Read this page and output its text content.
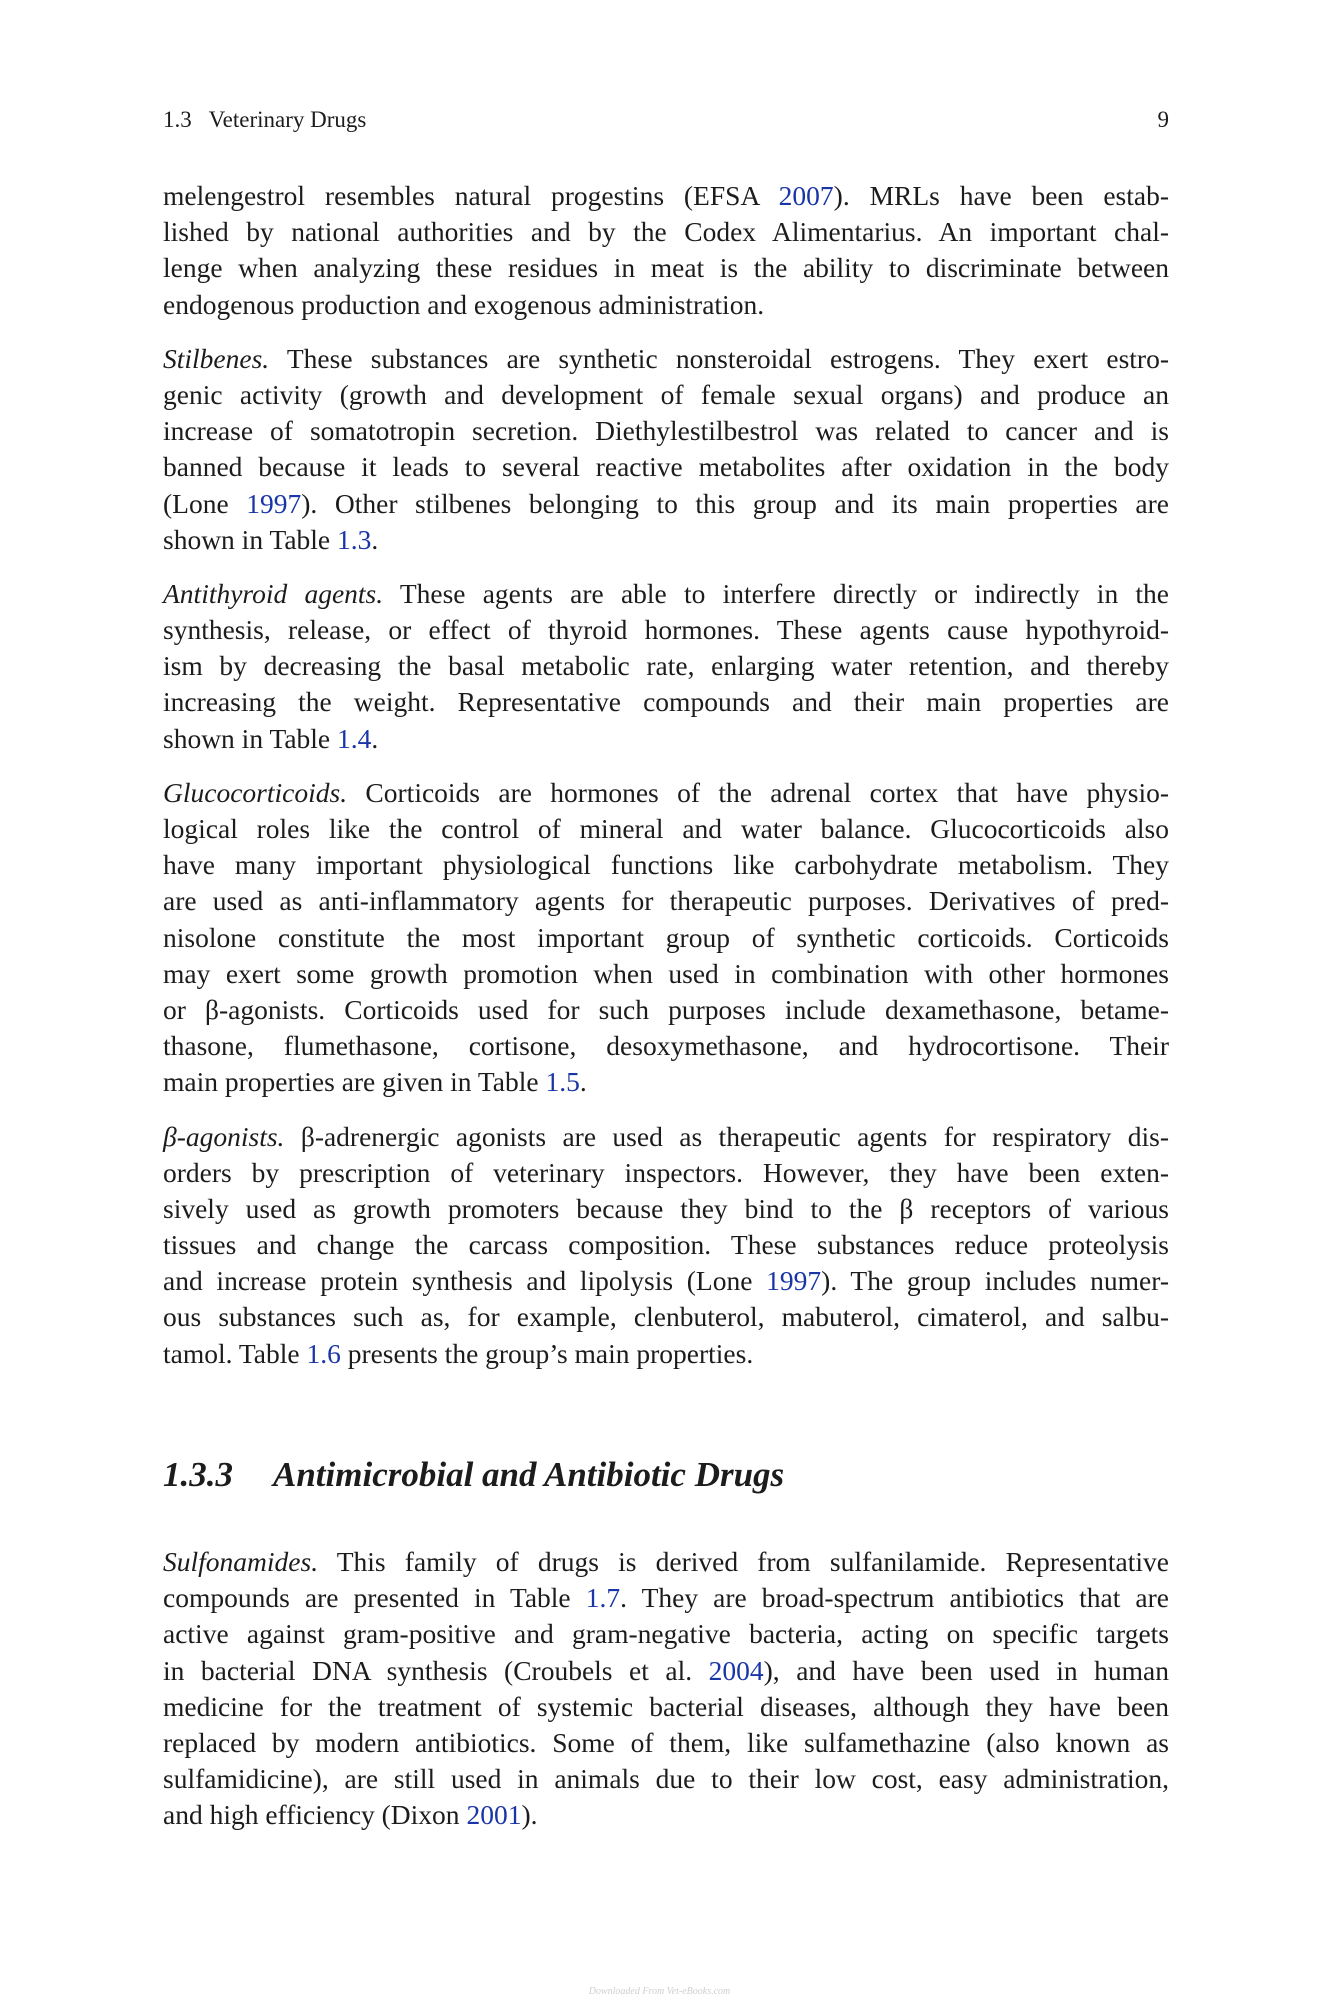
1.3   Veterinary Drugs	9
melengestrol resembles natural progestins (EFSA 2007). MRLs have been estab-
lished by national authorities and by the Codex Alimentarius. An important chal-
lenge when analyzing these residues in meat is the ability to discriminate between
endogenous production and exogenous administration.
Stilbenes. These substances are synthetic nonsteroidal estrogens. They exert estro-
genic activity (growth and development of female sexual organs) and produce an
increase of somatotropin secretion. Diethylestilbestrol was related to cancer and is
banned because it leads to several reactive metabolites after oxidation in the body
(Lone 1997). Other stilbenes belonging to this group and its main properties are
shown in Table 1.3.
Antithyroid agents. These agents are able to interfere directly or indirectly in the
synthesis, release, or effect of thyroid hormones. These agents cause hypothyroid-
ism by decreasing the basal metabolic rate, enlarging water retention, and thereby
increasing the weight. Representative compounds and their main properties are
shown in Table 1.4.
Glucocorticoids. Corticoids are hormones of the adrenal cortex that have physio-
logical roles like the control of mineral and water balance. Glucocorticoids also
have many important physiological functions like carbohydrate metabolism. They
are used as anti-inflammatory agents for therapeutic purposes. Derivatives of pred-
nisolone constitute the most important group of synthetic corticoids. Corticoids
may exert some growth promotion when used in combination with other hormones
or β-agonists. Corticoids used for such purposes include dexamethasone, betame-
thasone, flumethasone, cortisone, desoxymethasone, and hydrocortisone. Their
main properties are given in Table 1.5.
β-agonists. β-adrenergic agonists are used as therapeutic agents for respiratory dis-
orders by prescription of veterinary inspectors. However, they have been exten-
sively used as growth promoters because they bind to the β receptors of various
tissues and change the carcass composition. These substances reduce proteolysis
and increase protein synthesis and lipolysis (Lone 1997). The group includes numer-
ous substances such as, for example, clenbuterol, mabuterol, cimaterol, and salbu-
tamol. Table 1.6 presents the group’s main properties.
1.3.3 Antimicrobial and Antibiotic Drugs
Sulfonamides. This family of drugs is derived from sulfanilamide. Representative
compounds are presented in Table 1.7. They are broad-spectrum antibiotics that are
active against gram-positive and gram-negative bacteria, acting on specific targets
in bacterial DNA synthesis (Croubels et al. 2004), and have been used in human
medicine for the treatment of systemic bacterial diseases, although they have been
replaced by modern antibiotics. Some of them, like sulfamethazine (also known as
sulfamidicine), are still used in animals due to their low cost, easy administration,
and high efficiency (Dixon 2001).
Downloaded From Vet-eBooks.com
